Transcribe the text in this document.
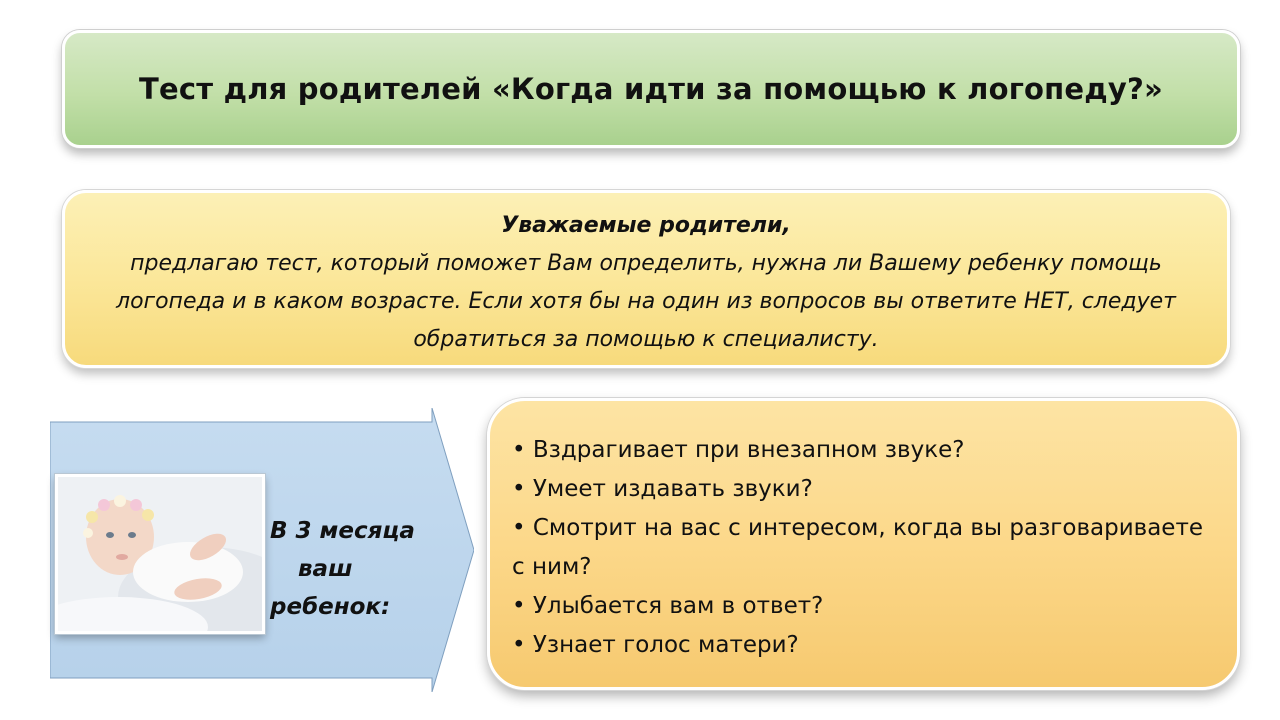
Тест для родителей «Когда идти за помощью к логопеду?»
Уважаемые родители,
предлагаю тест, который поможет Вам определить, нужна ли Вашему ребенку помощь логопеда и в каком возрасте. Если хотя бы на один из вопросов вы ответите НЕТ, следует обратиться за помощью к специалисту.
В 3 месяца
ваш
ребенок:
• Вздрагивает при внезапном звуке?
• Умеет издавать звуки?
• Смотрит на вас с интересом, когда вы разговариваете с ним?
• Улыбается вам в ответ?
• Узнает голос матери?
